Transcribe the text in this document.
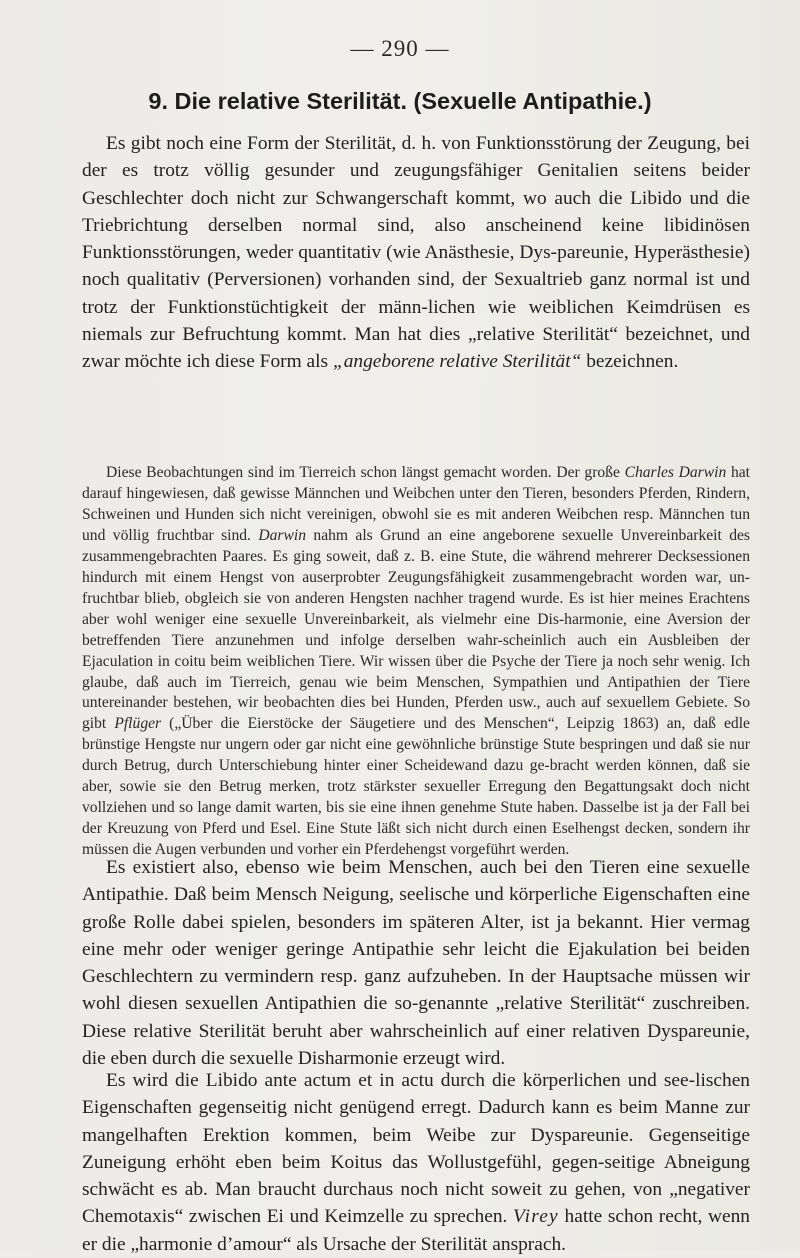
— 290 —
9. Die relative Sterilität. (Sexuelle Antipathie.)

Es gibt noch eine Form der Sterilität, d. h. von Funktionsstörung der Zeugung, bei der es trotz völlig gesunder und zeugungsfähiger Genitalien seitens beider Geschlechter doch nicht zur Schwangerschaft kommt, wo auch die Libido und die Triebrichtung derselben normal sind, also anscheinend keine libidinösen Funktionsstörungen, weder quantitativ (wie Anästhesie, Dys-pareunie, Hyperästhesie) noch qualitativ (Perversionen) vorhanden sind, der Sexualtrieb ganz normal ist und trotz der Funktionstüchtigkeit der männ-lichen wie weiblichen Keimdrüsen es niemals zur Befruchtung kommt. Man hat dies „relative Sterilität“ bezeichnet, und zwar möchte ich diese Form als „angeborene relative Sterilität“ bezeichnen.

Diese Beobachtungen sind im Tierreich schon längst gemacht worden. Der große Charles Darwin hat darauf hingewiesen, daß gewisse Männchen und Weibchen unter den Tieren, besonders Pferden, Rindern, Schweinen und Hunden sich nicht vereinigen, obwohl sie es mit anderen Weibchen resp. Männchen tun und völlig fruchtbar sind. Darwin nahm als Grund an eine angeborene sexuelle Unvereinbarkeit des zusammengebrachten Paares. Es ging soweit, daß z. B. eine Stute, die während mehrerer Decksessionen hindurch mit einem Hengst von auserprobter Zeugungsfähigkeit zusammengebracht worden war, un-fruchtbar blieb, obgleich sie von anderen Hengsten nachher tragend wurde. Es ist hier meines Erachtens aber wohl weniger eine sexuelle Unvereinbarkeit, als vielmehr eine Dis-harmonie, eine Aversion der betreffenden Tiere anzunehmen und infolge derselben wahr-scheinlich auch ein Ausbleiben der Ejaculation in coitu beim weiblichen Tiere. Wir wissen über die Psyche der Tiere ja noch sehr wenig. Ich glaube, daß auch im Tierreich, genau wie beim Menschen, Sympathien und Antipathien der Tiere untereinander bestehen, wir beobachten dies bei Hunden, Pferden usw., auch auf sexuellem Gebiete. So gibt Pflüger („Über die Eierstöcke der Säugetiere und des Menschen“, Leipzig 1863) an, daß edle brünstige Hengste nur ungern oder gar nicht eine gewöhnliche brünstige Stute bespringen und daß sie nur durch Betrug, durch Unterschiebung hinter einer Scheidewand dazu ge-bracht werden können, daß sie aber, sowie sie den Betrug merken, trotz stärkster sexueller Erregung den Begattungsakt doch nicht vollziehen und so lange damit warten, bis sie eine ihnen genehme Stute haben. Dasselbe ist ja der Fall bei der Kreuzung von Pferd und Esel. Eine Stute läßt sich nicht durch einen Eselhengst decken, sondern ihr müssen die Augen verbunden und vorher ein Pferdehengst vorgeführt werden.

Es existiert also, ebenso wie beim Menschen, auch bei den Tieren eine sexuelle Antipathie. Daß beim Mensch Neigung, seelische und körperliche Eigenschaften eine große Rolle dabei spielen, besonders im späteren Alter, ist ja bekannt. Hier vermag eine mehr oder weniger geringe Antipathie sehr leicht die Ejakulation bei beiden Geschlechtern zu vermindern resp. ganz aufzuheben. In der Hauptsache müssen wir wohl diesen sexuellen Antipathien die so-genannte „relative Sterilität“ zuschreiben. Diese relative Sterilität beruht aber wahrscheinlich auf einer relativen Dyspareunie, die eben durch die sexuelle Disharmonie erzeugt wird.

Es wird die Libido ante actum et in actu durch die körperlichen und see-lischen Eigenschaften gegenseitig nicht genügend erregt. Dadurch kann es beim Manne zur mangelhaften Erektion kommen, beim Weibe zur Dyspareunie. Gegenseitige Zuneigung erhöht eben beim Koitus das Wollustgefühl, gegen-seitige Abneigung schwächt es ab. Man braucht durchaus noch nicht soweit zu gehen, von „negativer Chemotaxis“ zwischen Ei und Keimzelle zu sprechen. Virey hatte schon recht, wenn er die „harmonie d’amour“ als Ursache der Sterilität ansprach.
